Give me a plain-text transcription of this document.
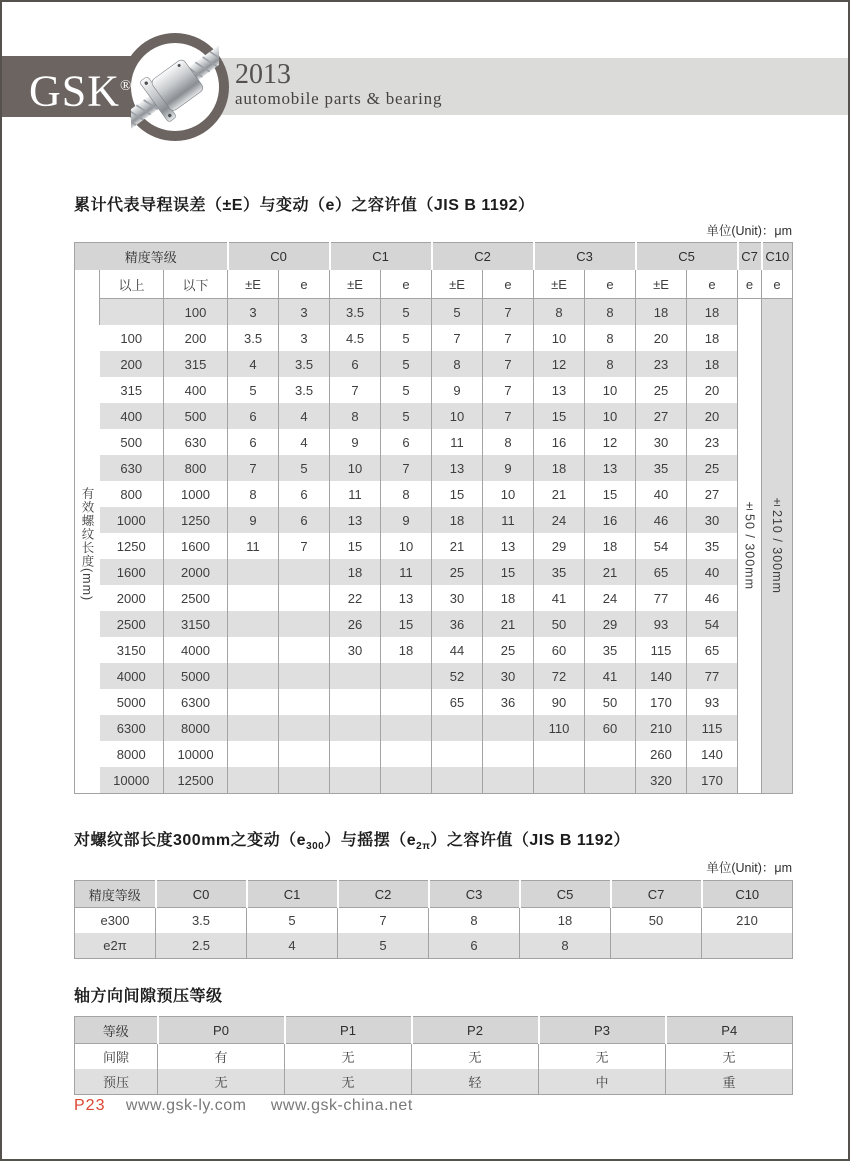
GSK®	2013
automobile parts & bearing
累计代表导程误差（±E）与变动（e）之容许值（JIS B 1192）
单位(Unit)：μm
精度等级			C0		C1		C2		C3		C5		C7	C10
	以上	以下	±E	e	±E	e	±E	e	±E	e	±E	e	e	e
有效螺纹长度(mm)		100	3	3	3.5	5	5	7	8	8	18	18	±50 / 300mm	±210 / 300mm
	100	200	3.5	3	4.5	5	7	7	10	8	20	18		
	200	315	4	3.5	6	5	8	7	12	8	23	18		
	315	400	5	3.5	7	5	9	7	13	10	25	20		
	400	500	6	4	8	5	10	7	15	10	27	20		
	500	630	6	4	9	6	11	8	16	12	30	23		
	630	800	7	5	10	7	13	9	18	13	35	25		
	800	1000	8	6	11	8	15	10	21	15	40	27		
	1000	1250	9	6	13	9	18	11	24	16	46	30		
	1250	1600	11	7	15	10	21	13	29	18	54	35		
	1600	2000			18	11	25	15	35	21	65	40		
	2000	2500			22	13	30	18	41	24	77	46		
	2500	3150			26	15	36	21	50	29	93	54		
	3150	4000			30	18	44	25	60	35	115	65		
	4000	5000					52	30	72	41	140	77		
	5000	6300					65	36	90	50	170	93		
	6300	8000							110	60	210	115		
	8000	10000									260	140		
	10000	12500									320	170		
对螺纹部长度300mm之变动$(e_{300})$与摇摆$(e_{2\pi})$之容许值（JIS B 1192）
单位(Unit)：μm
精度等级	C0	C1	C2	C3	C5	C7	C10
e300	3.5	5	7	8	18	50	210
e2π	2.5	4	5	6	8		
轴方向间隙预压等级
等级	P0	P1	P2	P3	P4
间隙	有	无	无	无	无
预压	无	无	轻	中	重
P23 www.gsk-ly.com www.gsk-china.net
